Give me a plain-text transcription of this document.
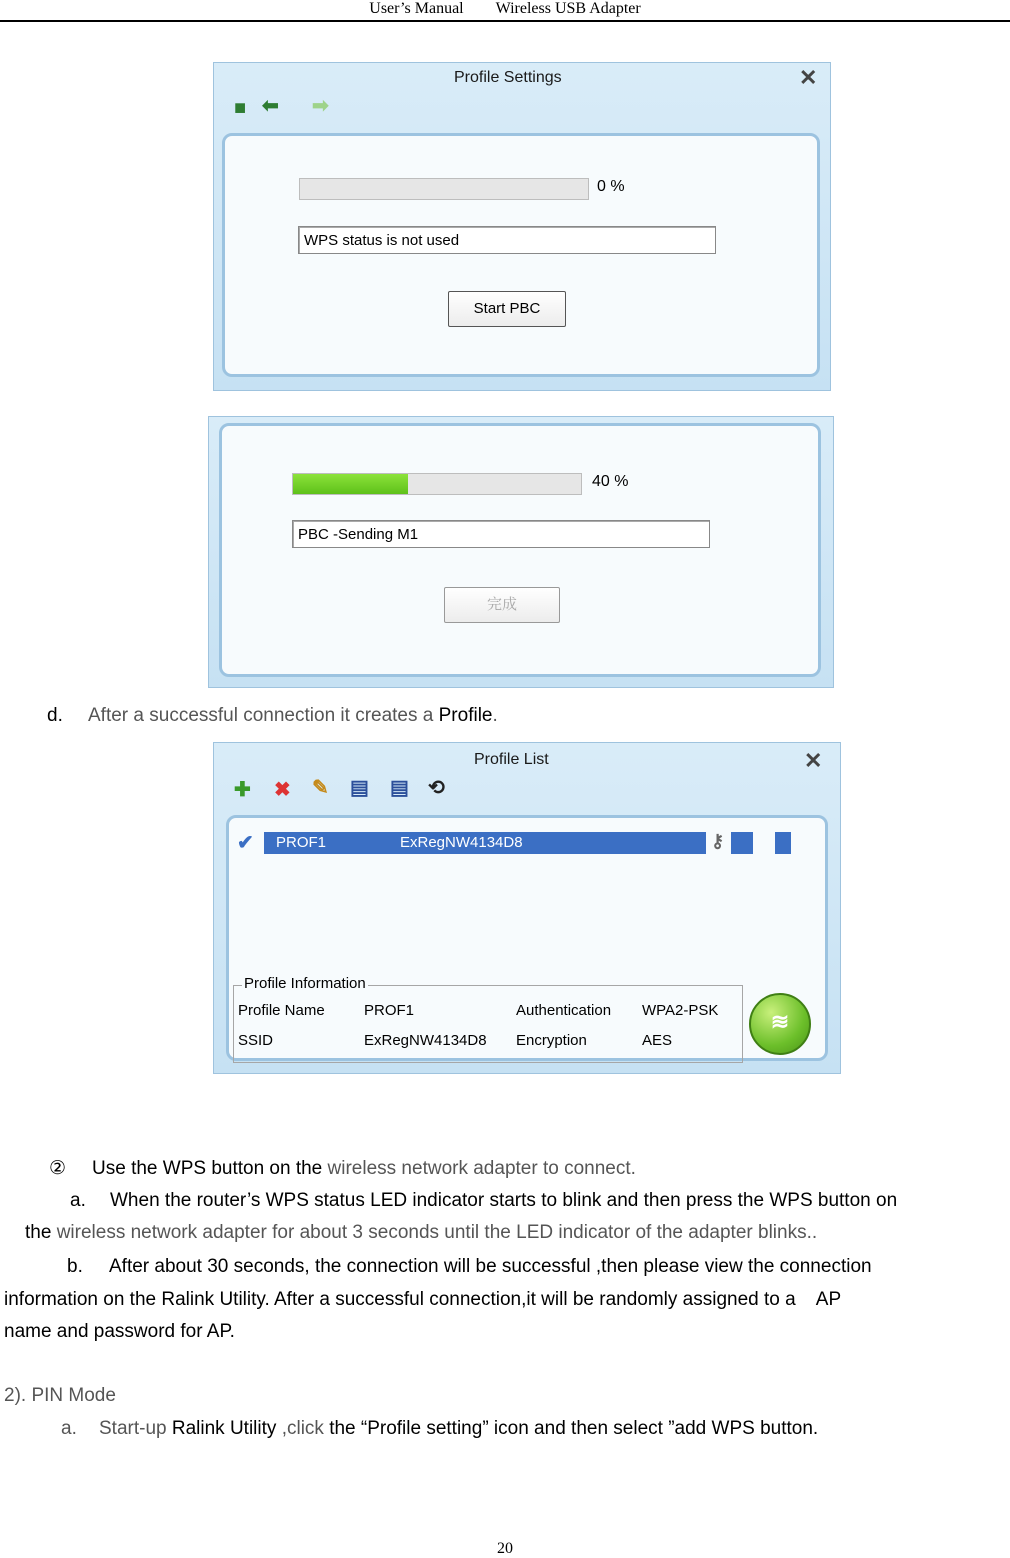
User’s Manual Wireless USB Adapter
Profile Settings	✕
■ ⬅ ➡
0 %
WPS status is not used
Start PBC
40 %
PBC -Sending M1
完成
d. After a successful connection it creates a Profile.
Profile List	✕
✚ ✖ ✎ ▤ ▤ ⟲
✔ PROF1	ExRegNW4134D8	⚷
Profile Information
Profile Name	PROF1	Authentication WPA2-PSK
SSID	ExRegNW4134D8 Encryption	AES
≋
② Use the WPS button on the wireless network adapter to connect.
a. When the router’s WPS status LED indicator starts to blink and then press the WPS button on
the wireless network adapter for about 3 seconds until the LED indicator of the adapter blinks..
b. After about 30 seconds, the connection will be successful ,then please view the connection
information on the Ralink Utility. After a successful connection,it will be randomly assigned to a    AP
name and password for AP.
2). PIN Mode
a. Start-up Ralink Utility ,click the “Profile setting” icon and then select ”add WPS button.
20
